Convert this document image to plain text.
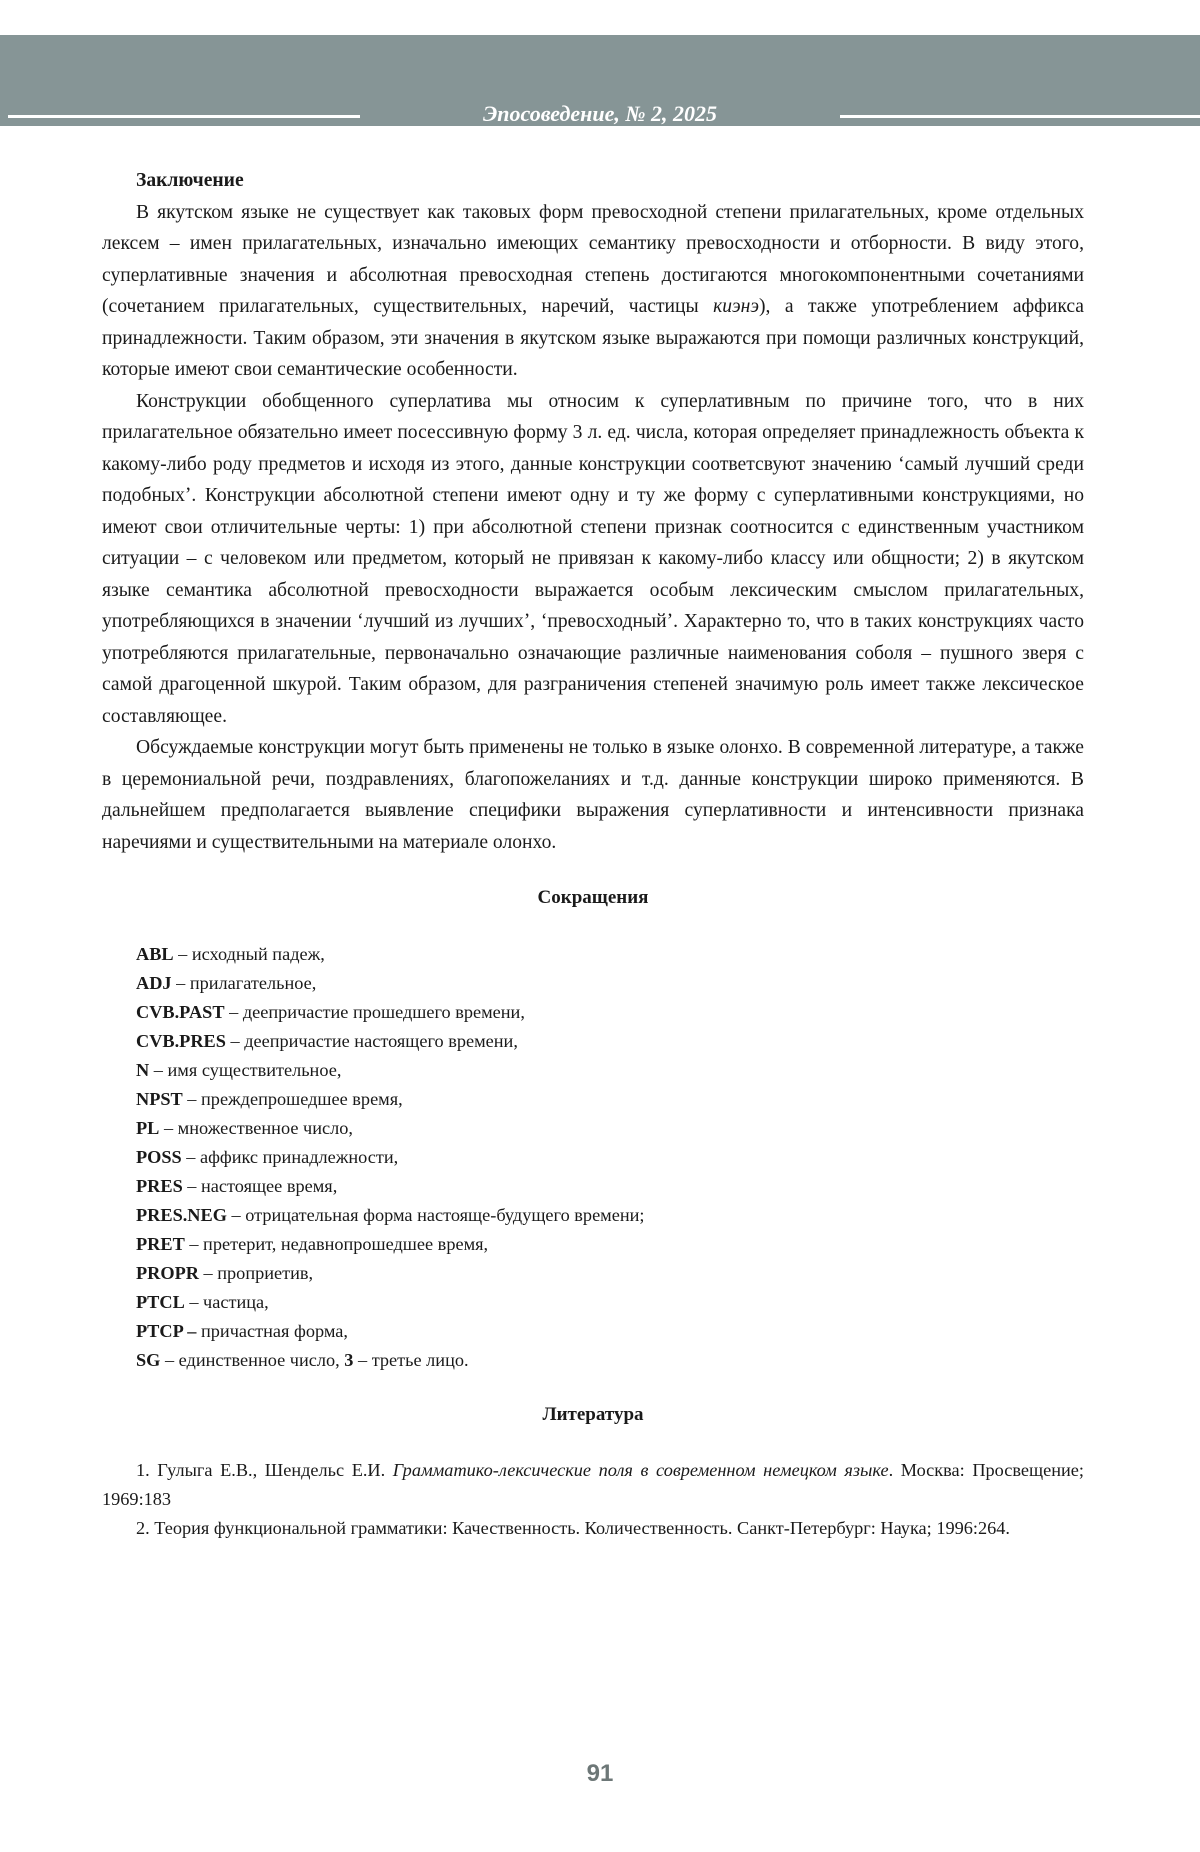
Эпосоведение, № 2, 2025
Заключение

В якутском языке не существует как таковых форм превосходной степени прилагательных, кроме отдельных лексем – имен прилагательных, изначально имеющих семантику превосходности и отборности. В виду этого, суперлативные значения и абсолютная превосходная степень достигаются многокомпонентными сочетаниями (сочетанием прилагательных, существительных, наречий, частицы киэнэ), а также употреблением аффикса принадлежности. Таким образом, эти значения в якутском языке выражаются при помощи различных конструкций, которые имеют свои семантические особенности.

Конструкции обобщенного суперлатива мы относим к суперлативным по причине того, что в них прилагательное обязательно имеет посессивную форму 3 л. ед. числа, которая определяет принадлежность объекта к какому-либо роду предметов и исходя из этого, данные конструкции соответсвуют значению ʻсамый лучший среди подобныхʼ. Конструкции абсолютной степени имеют одну и ту же форму с суперлативными конструкциями, но имеют свои отличительные черты: 1) при абсолютной степени признак соотносится с единственным участником ситуации – с человеком или предметом, который не привязан к какому-либо классу или общности; 2) в якутском языке семантика абсолютной превосходности выражается особым лексическим смыслом прилагательных, употребляющихся в значении ʻлучший из лучшихʼ, ʻпревосходныйʼ. Характерно то, что в таких конструкциях часто употребляются прилагательные, первоначально означающие различные наименования соболя – пушного зверя с самой драгоценной шкурой. Таким образом, для разграничения степеней значимую роль имеет также лексическое составляющее.

Обсуждаемые конструкции могут быть применены не только в языке олонхо. В современной литературе, а также в церемониальной речи, поздравлениях, благопожеланиях и т.д. данные конструкции широко применяются. В дальнейшем предполагается выявление специфики выражения суперлативности и интенсивности признака наречиями и существительными на материале олонхо.

Сокращения
ABL – исходный падеж,
ADJ – прилагательное,
CVB.PAST – деепричастие прошедшего времени,
CVB.PRES – деепричастие настоящего времени,
N – имя существительное,
NPST – преждепрошедшее время,
PL – множественное число,
POSS – аффикс принадлежности,
PRES – настоящее время,
PRES.NEG – отрицательная форма настояще-будущего времени;
PRET – претерит, недавнопрошедшее время,
PROPR – проприетив,
PTCL – частица,
PTCP – причастная форма,
SG – единственное число, 3 – третье лицо.
Литература

1. Гулыга Е.В., Шендельс Е.И. Грамматико-лексические поля в современном немецком языке. Москва: Просвещение; 1969:183

2. Теория функциональной грамматики: Качественность. Количественность. Санкт-Петербург: Наука; 1996:264.

91
